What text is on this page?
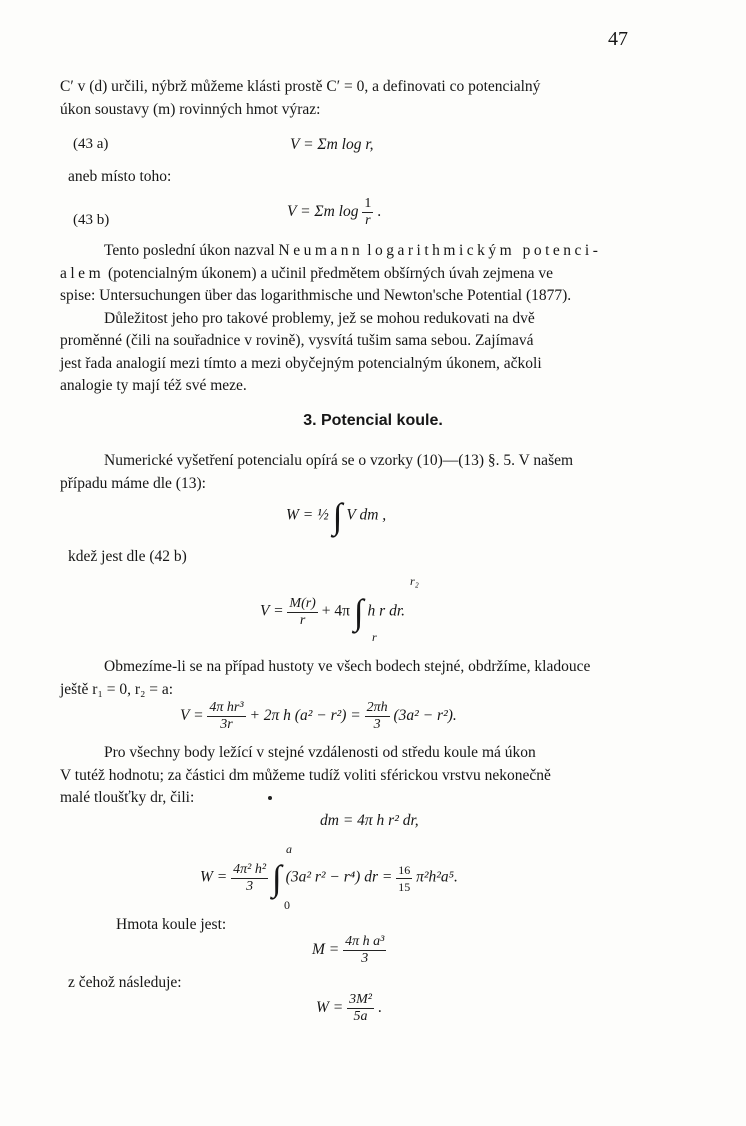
47
C′ v (d) určili, nýbrž můžeme klásti prostě C′ = 0, a definovati co potencialný
úkon soustavy (m) rovinných hmot výraz:
(43 a)	V = Σm log r,
aneb místo toho:
(43 b)	V = Σm $\log \frac{1}{r}$ .
Tento poslední úkon nazval Neumann logarithmickým potenci-
alem (potencialným úkonem) a učinil předmětem obšírných úvah zejmena ve
spise: Untersuchungen über das logarithmische und Newton'sche Potential (1877).
Důležitost jeho pro takové problemy, jež se mohou redukovati na dvě
proměnné (čili na souřadnice v rovině), vysvítá tušim sama sebou. Zajímavá
jest řada analogií mezi tímto a mezi obyčejným potencialným úkonem, ačkoli
analogie ty mají též své meze.
3. Potencial koule.
Numerické vyšetření potencialu opírá se o vzorky (10)—(13) §. 5. V našem
případu máme dle (13):
W = ½ ∫ V dm ,
kdež jest dle (42 b)
r₂
$V = \frac{M(r)}{r} + 4\pi$ ∫ h r dr.
r
Obmezíme-li se na případ hustoty ve všech bodech stejné, obdržíme, kladouce
ještě r₁ = 0, r₂ = a:
$V = \frac{\text{4π hr³}}{3r} + 2\pi$ h $(a^2 - r^2) = \frac{2\pi h}{3} (3a^2 - r^2)$.
Pro všechny body ležící v stejné vzdálenosti od středu koule má úkon
V tutéž hodnotu; za částici dm můžeme tudíž voliti sférickou vrstvu nekonečně
malé tloušťky dr, čili:
dm = 4π h r² dr,
a
$W = \frac{\text{4π² h²}}{3}$ ∫ (3a² r² − r⁴) dr = $\frac{16}{15} \pi^2h^2a^5$.
0
Hmota koule jest:
$M = \frac{\text{4π h a³}}{3}$
z čehož následuje:
$W = \frac{\text{3M²}}{5a}$ .
